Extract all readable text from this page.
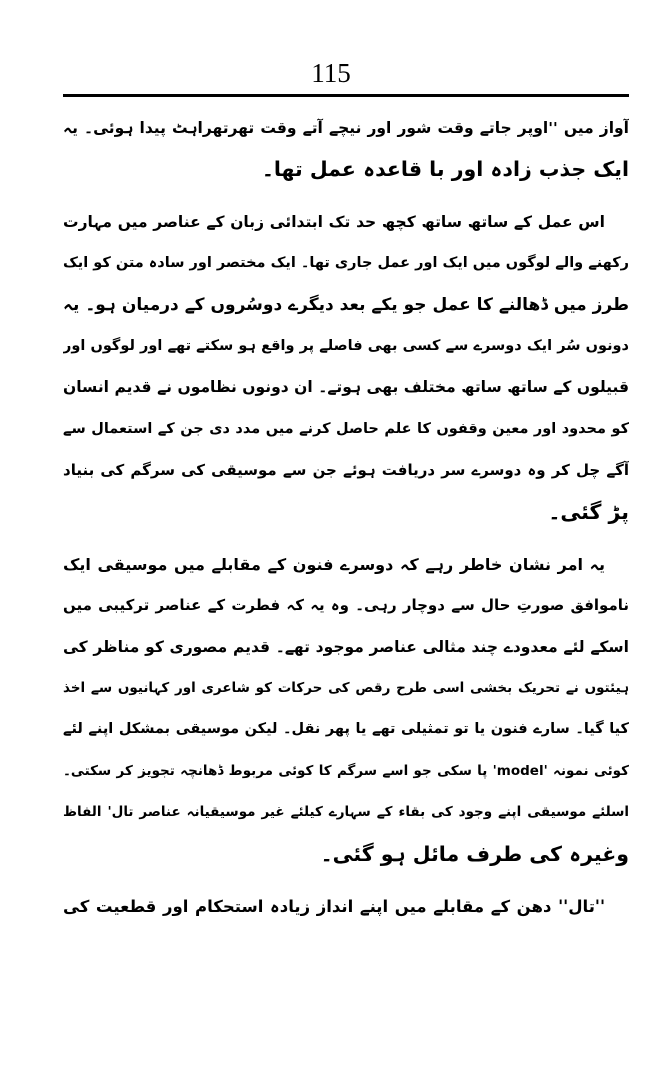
115
آواز میں ''اوپر جاتے وقت شور اور نیچے آتے وقت تھرتھراہٹ پیدا ہوئی۔ یہ
ایک جذب زادہ اور با قاعدہ عمل تھا۔
اس عمل کے ساتھ ساتھ کچھ حد تک ابتدائی زبان کے عناصر میں مہارت
رکھنے والے لوگوں میں ایک اور عمل جاری تھا۔ ایک مختصر اور سادہ متن کو ایک
طرز میں ڈھالنے کا عمل جو یکے بعد دیگرے دوسُروں کے درمیان ہو۔ یہ
دونوں سُر ایک دوسرے سے کسی بھی فاصلے پر واقع ہو سکتے تھے اور لوگوں اور
قبیلوں کے ساتھ ساتھ مختلف بھی ہوتے۔ ان دونوں نظاموں نے قدیم انسان
کو محدود اور معین وقفوں کا علم حاصل کرنے میں مدد دی جن کے استعمال سے
آگے چل کر وہ دوسرے سر دریافت ہوئے جن سے موسیقی کی سرگم کی بنیاد
پڑ گئی۔
یہ امر نشان خاطر رہے کہ دوسرے فنون کے مقابلے میں موسیقی ایک
ناموافق صورتِ حال سے دوچار رہی۔ وہ یہ کہ فطرت کے عناصر ترکیبی میں
اسکے لئے معدودے چند مثالی عناصر موجود تھے۔ قدیم مصوری کو مناظر کی
ہیئتوں نے تحریک بخشی اسی طرح رقص کی حرکات کو شاعری اور کہانیوں سے اخذ
کیا گیا۔ سارے فنون یا تو تمثیلی تھے یا پھر نقل۔ لیکن موسیقی بمشکل اپنے لئے
کوئی نمونہ 'model' پا سکی جو اسے سرگم کا کوئی مربوط ڈھانچہ تجویز کر سکتی۔
اسلئے موسیقی اپنے وجود کی بقاء کے سہارے کیلئے غیر موسیقیانہ عناصر تال' الفاظ
وغیرہ کی طرف مائل ہو گئی۔
''تال'' دھن کے مقابلے میں اپنے انداز زیادہ استحکام اور قطعیت کی
